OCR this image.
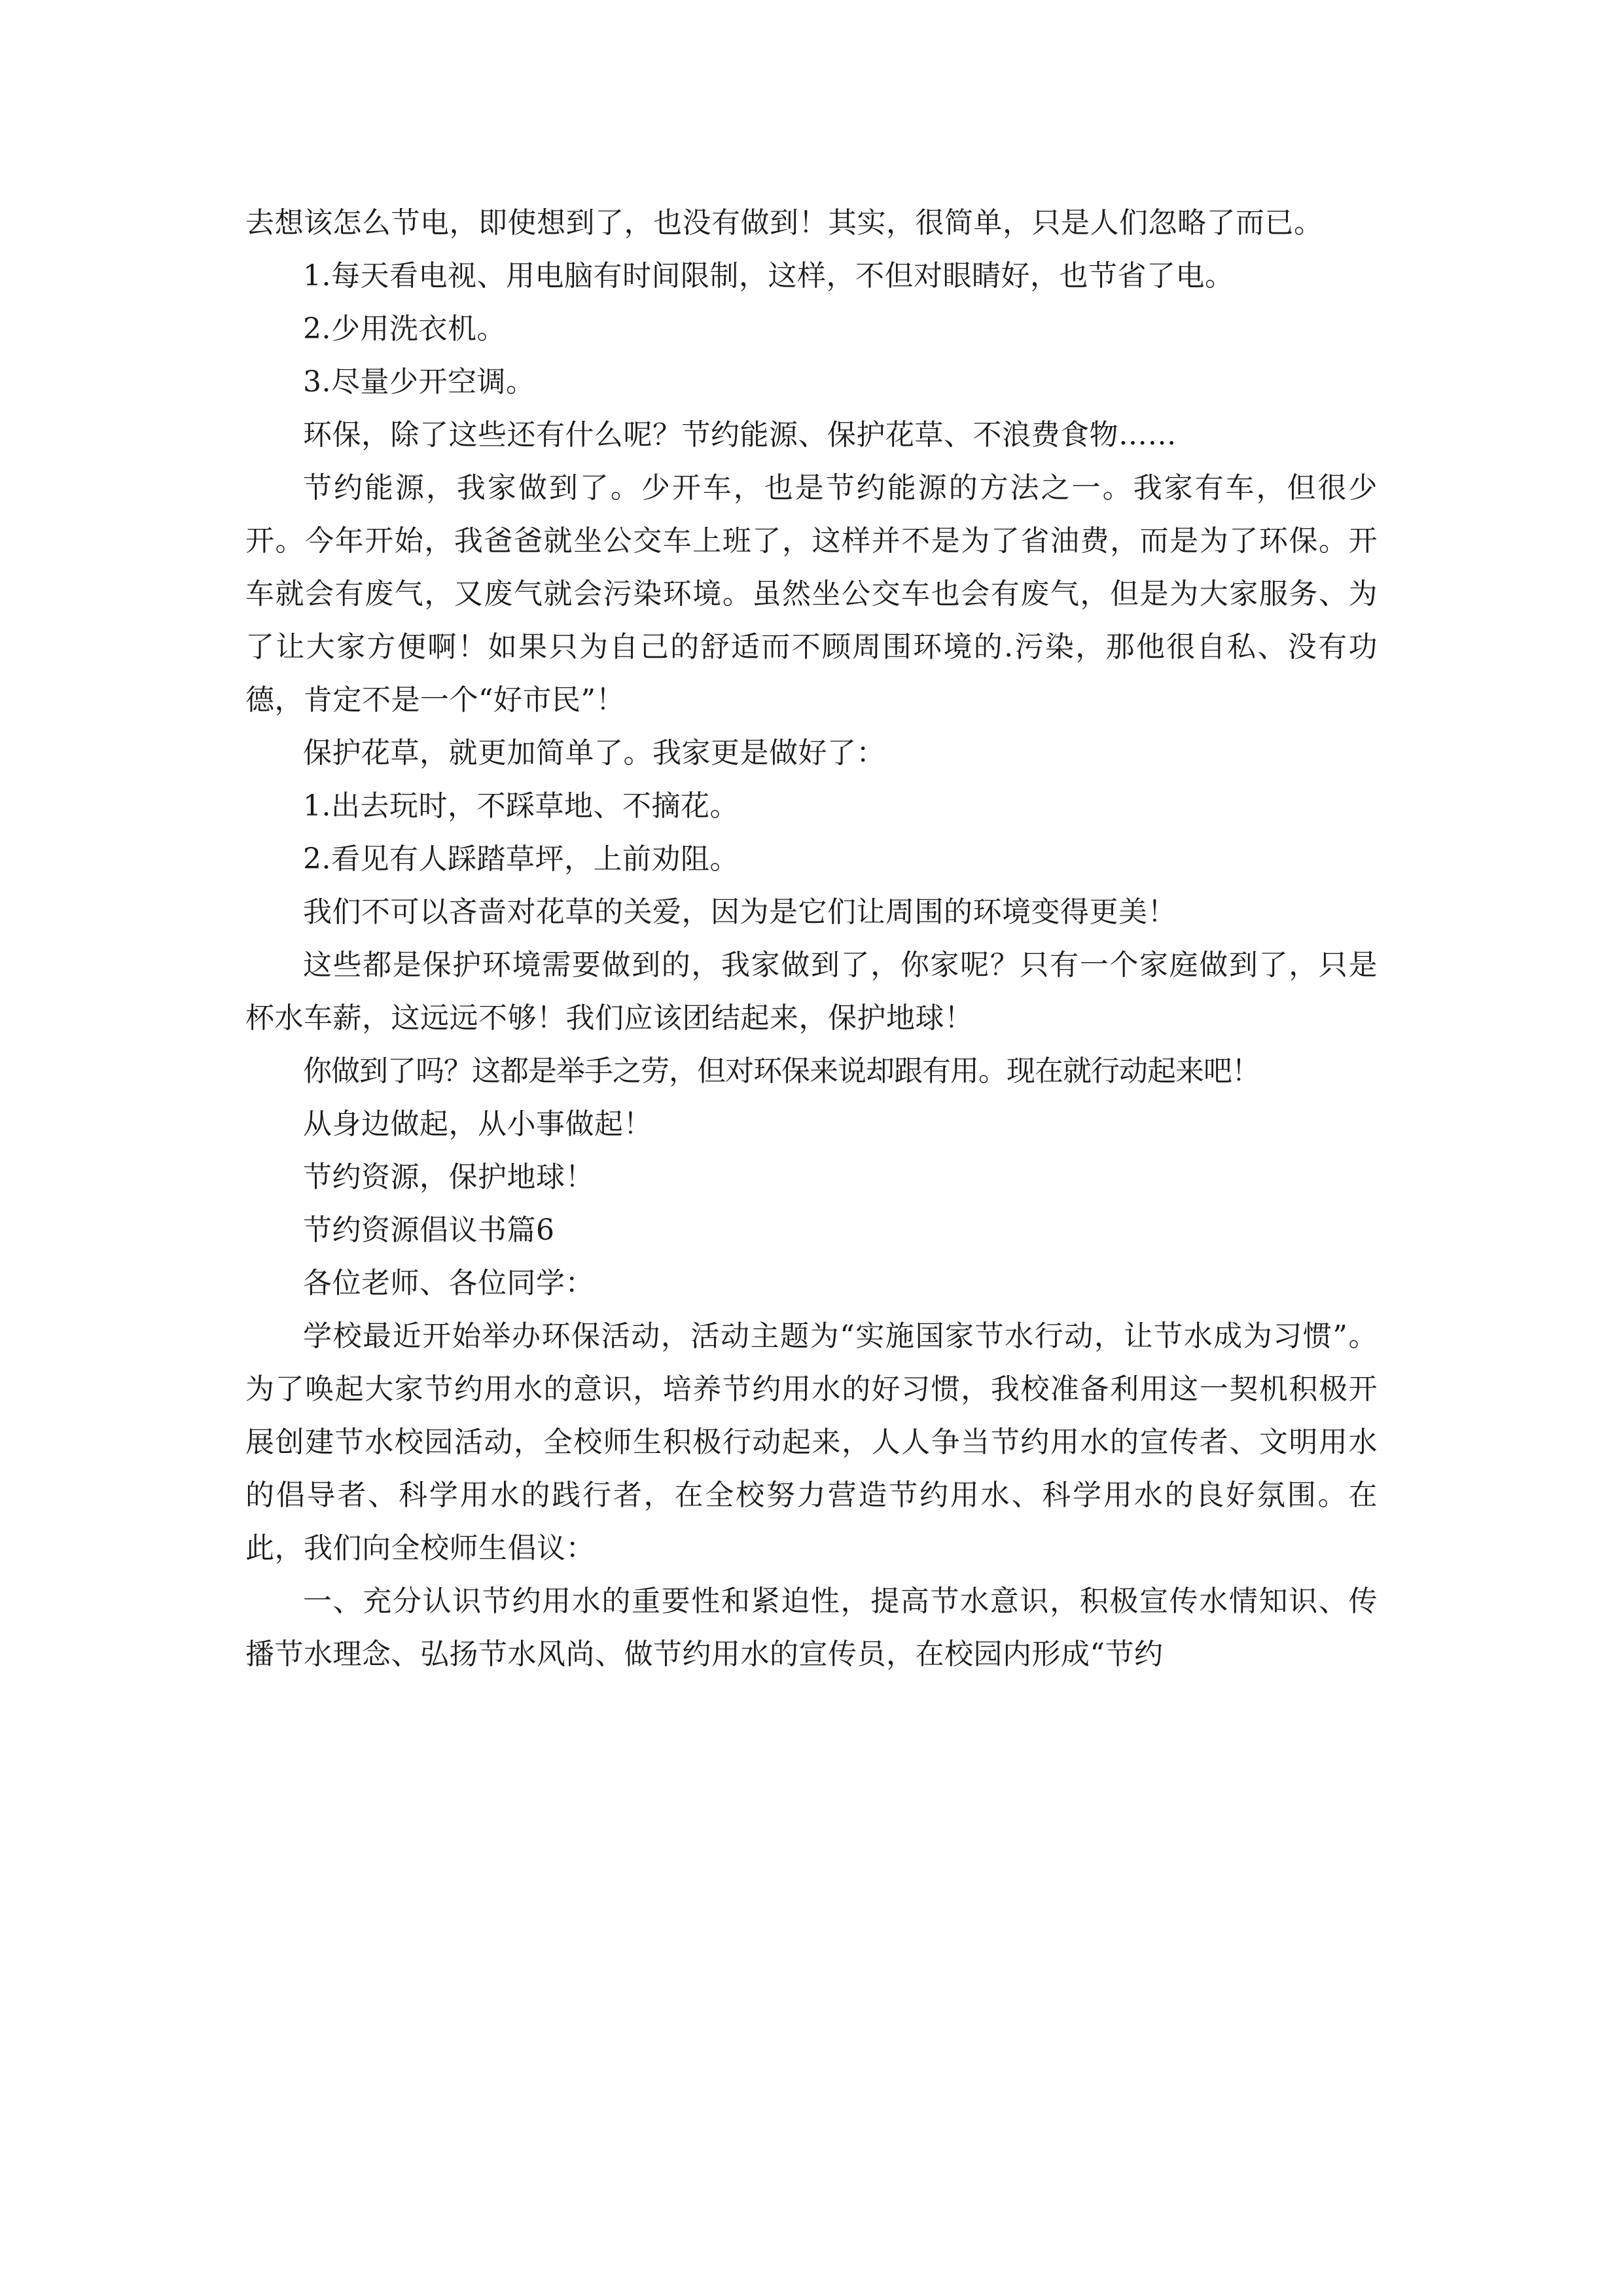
去想该怎么节电，即使想到了，也没有做到！其实，很简单，只是人们忽略了而已。

1.每天看电视、用电脑有时间限制，这样，不但对眼睛好，也节省了电。

2.少用洗衣机。

3.尽量少开空调。

环保，除了这些还有什么呢？节约能源、保护花草、不浪费食物……

节约能源，我家做到了。少开车，也是节约能源的方法之一。我家有车，但很少开。今年开始，我爸爸就坐公交车上班了，这样并不是为了省油费，而是为了环保。开车就会有废气，又废气就会污染环境。虽然坐公交车也会有废气，但是为大家服务、为了让大家方便啊！如果只为自己的舒适而不顾周围环境的.污染，那他很自私、没有功德，肯定不是一个“好市民”！

保护花草，就更加简单了。我家更是做好了：

1.出去玩时，不踩草地、不摘花。

2.看见有人踩踏草坪，上前劝阻。

我们不可以吝啬对花草的关爱，因为是它们让周围的环境变得更美！

这些都是保护环境需要做到的，我家做到了，你家呢？只有一个家庭做到了，只是杯水车薪，这远远不够！我们应该团结起来，保护地球！

你做到了吗？这都是举手之劳，但对环保来说却跟有用。现在就行动起来吧！

从身边做起，从小事做起！

节约资源，保护地球！

节约资源倡议书篇6

各位老师、各位同学：

学校最近开始举办环保活动，活动主题为“实施国家节水行动，让节水成为习惯”。为了唤起大家节约用水的意识，培养节约用水的好习惯，我校准备利用这一契机积极开展创建节水校园活动，全校师生积极行动起来，人人争当节约用水的宣传者、文明用水的倡导者、科学用水的践行者，在全校努力营造节约用水、科学用水的良好氛围。在此，我们向全校师生倡议：

一、充分认识节约用水的重要性和紧迫性，提高节水意识，积极宣传水情知识、传播节水理念、弘扬节水风尚、做节约用水的宣传员，在校园内形成“节约
